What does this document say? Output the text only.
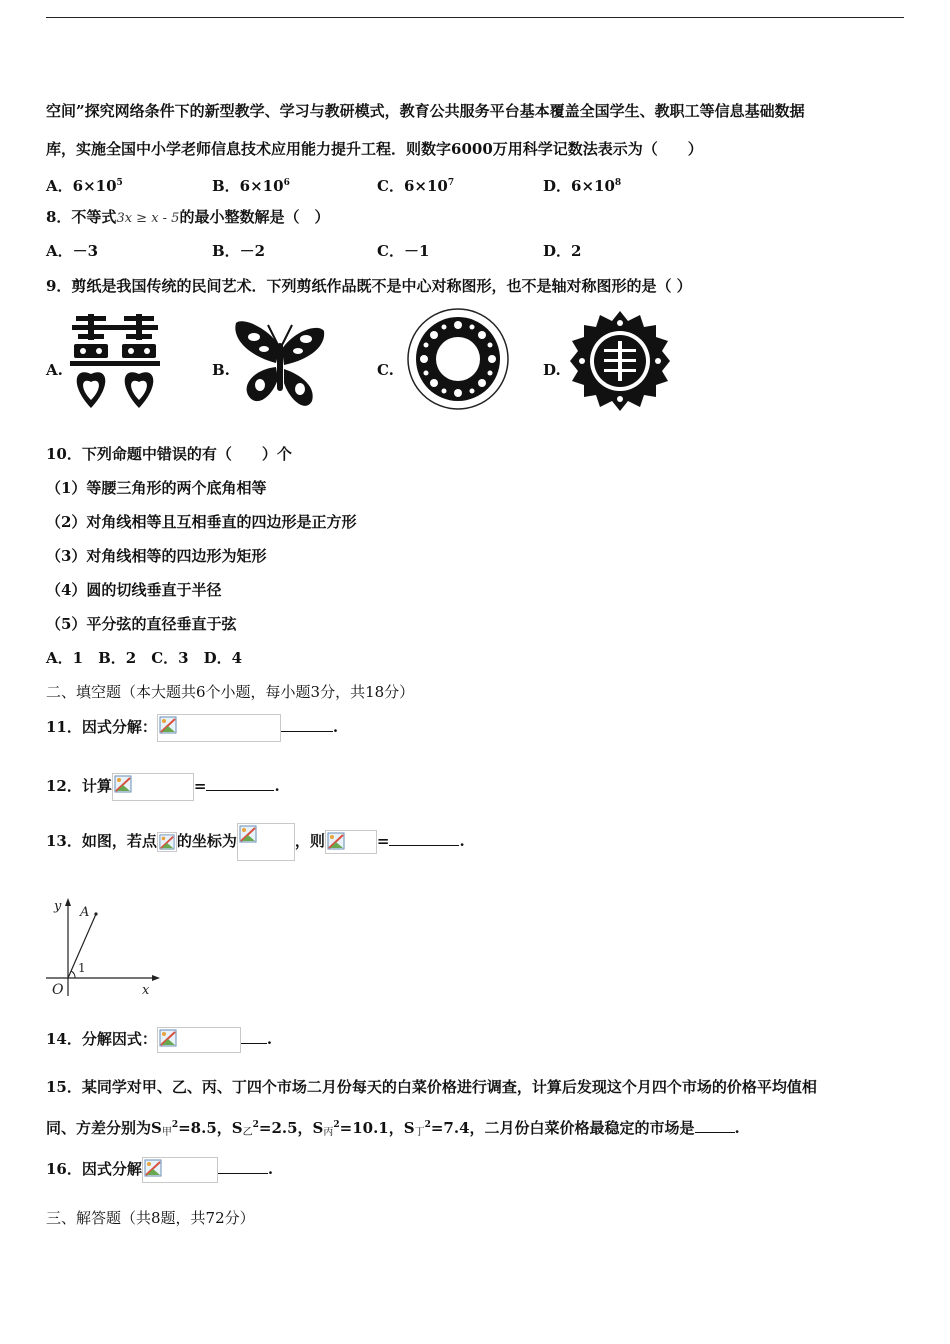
空间”探究网络条件下的新型教学、学习与教研模式，教育公共服务平台基本覆盖全国学生、教职工等信息基础数据
库，实施全国中小学老师信息技术应用能力提升工程．则数字6000万用科学记数法表示为（　　）
A．$6\times 10^5$	B．$6\times 10^6$	C．$6\times 10^7$	D．$6\times 10^8$
8．不等式3x ≥ x - 5的最小整数解是（　）
A．－3	B．－2	C．－1	D．2
9．剪纸是我国传统的民间艺术．下列剪纸作品既不是中心对称图形，也不是轴对称图形的是（ ）
A.	B.	C.	D.
10．下列命题中错误的有（　　）个
（1）等腰三角形的两个底角相等
（2）对角线相等且互相垂直的四边形是正方形
（3）对角线相等的四边形为矩形
（4）圆的切线垂直于半径
（5）平分弦的直径垂直于弦
A．1　B．2　C．3　D．4
二、填空题（本大题共6个小题，每小题3分，共18分）
11．因式分解：	.
12．计算	=	.
13．如图，若点 的坐标为	，则	=	.
y A
1
O	x
14．分解因式：	.
15．某同学对甲、乙、丙、丁四个市场二月份每天的白菜价格进行调查，计算后发现这个月四个市场的价格平均值相
同、方差分别为$S_甲^2=8.5$，$S_乙^2=2.5$，$S_丙^2=10.1$，$S_丁^2=7.4$，二月份白菜价格最稳定的市场是	.
16．因式分解	.
三、解答题（共8题，共72分）
